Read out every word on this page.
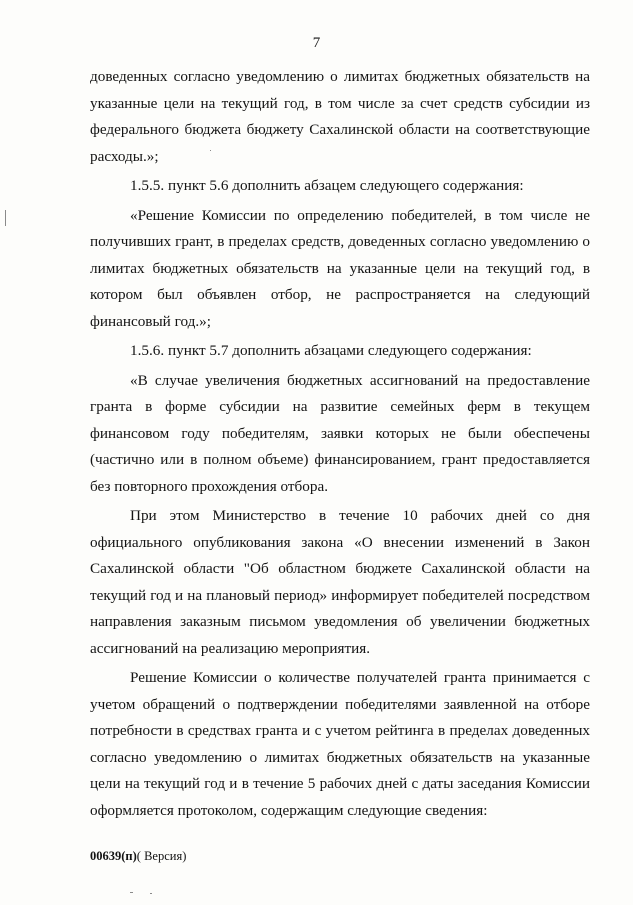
7

доведенных согласно уведомлению о лимитах бюджетных обязательств на указанные цели на текущий год, в том числе за счет средств субсидии из федерального бюджета бюджету Сахалинской области на соответствующие расходы.»;

1.5.5. пункт 5.6 дополнить абзацем следующего содержания:

«Решение Комиссии по определению победителей, в том числе не получивших грант, в пределах средств, доведенных согласно уведомлению о лимитах бюджетных обязательств на указанные цели на текущий год, в котором был объявлен отбор, не распространяется на следующий финансовый год.»;

1.5.6. пункт 5.7 дополнить абзацами следующего содержания:

«В случае увеличения бюджетных ассигнований на предоставление гранта в форме субсидии на развитие семейных ферм в текущем финансовом году победителям, заявки которых не были обеспечены (частично или в полном объеме) финансированием, грант предоставляется без повторного прохождения отбора.

При этом Министерство в течение 10 рабочих дней со дня официального опубликования закона «О внесении изменений в Закон Сахалинской области "Об областном бюджете Сахалинской области на текущий год и на плановый период» информирует победителей посредством направления заказным письмом уведомления об увеличении бюджетных ассигнований на реализацию мероприятия.

Решение Комиссии о количестве получателей гранта принимается с учетом обращений о подтверждении победителями заявленной на отборе потребности в средствах гранта и с учетом рейтинга в пределах доведенных согласно уведомлению о лимитах бюджетных обязательств на указанные цели на текущий год и в течение 5 рабочих дней с даты заседания Комиссии оформляется протоколом, содержащим следующие сведения:

00639(п)( Версия)
